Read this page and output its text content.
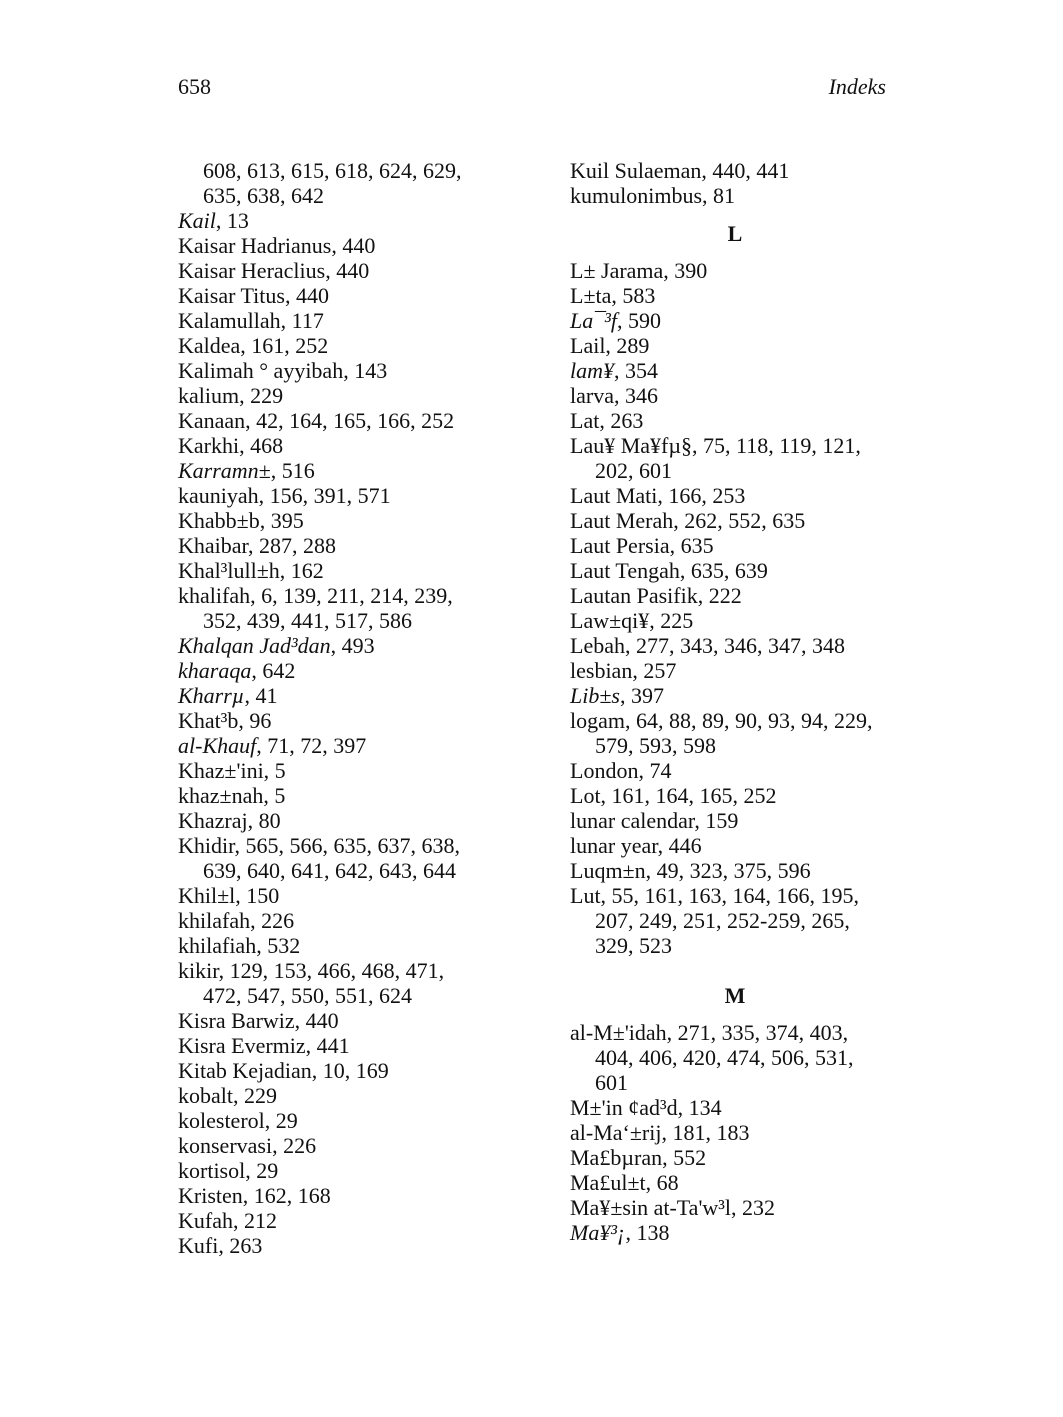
658	Indeks
608, 613, 615, 618, 624, 629,
635, 638, 642
Kail, 13
Kaisar Hadrianus, 440
Kaisar Heraclius, 440
Kaisar Titus, 440
Kalamullah, 117
Kaldea, 161, 252
Kalimah ° ayyibah, 143
kalium, 229
Kanaan, 42, 164, 165, 166, 252
Karkhi, 468
Karramn±, 516
kauniyah, 156, 391, 571
Khabb±b, 395
Khaibar, 287, 288
Khal³lull±h, 162
khalifah, 6, 139, 211, 214, 239,
352, 439, 441, 517, 586
Khalqan Jad³dan, 493
kharaqa, 642
Kharrµ, 41
Khat³b, 96
al-Khauf, 71, 72, 397
Khaz±'ini, 5
khaz±nah, 5
Khazraj, 80
Khidir, 565, 566, 635, 637, 638,
639, 640, 641, 642, 643, 644
Khil±l, 150
khilafah, 226
khilafiah, 532
kikir, 129, 153, 466, 468, 471,
472, 547, 550, 551, 624
Kisra Barwiz, 440
Kisra Evermiz, 441
Kitab Kejadian, 10, 169
kobalt, 229
kolesterol, 29
konservasi, 226
kortisol, 29
Kristen, 162, 168
Kufah, 212
Kufi, 263
Kuil Sulaeman, 440, 441
kumulonimbus, 81
L
L± Jarama, 390
L±ta, 583
La¯³f, 590
Lail, 289
lam¥, 354
larva, 346
Lat, 263
Lau¥ Ma¥fµ§, 75, 118, 119, 121,
202, 601
Laut Mati, 166, 253
Laut Merah, 262, 552, 635
Laut Persia, 635
Laut Tengah, 635, 639
Lautan Pasifik, 222
Law±qi¥, 225
Lebah, 277, 343, 346, 347, 348
lesbian, 257
Lib±s, 397
logam, 64, 88, 89, 90, 93, 94, 229,
579, 593, 598
London, 74
Lot, 161, 164, 165, 252
lunar calendar, 159
lunar year, 446
Luqm±n, 49, 323, 375, 596
Lut, 55, 161, 163, 164, 166, 195,
207, 249, 251, 252-259, 265,
329, 523
M
al-M±'idah, 271, 335, 374, 403,
404, 406, 420, 474, 506, 531,
601
M±'in ¢ad³d, 134
al-Ma‘±rij, 181, 183
Ma£bµran, 552
Ma£ul±t, 68
Ma¥±sin at-Ta'w³l, 232
Ma¥³¡, 138
